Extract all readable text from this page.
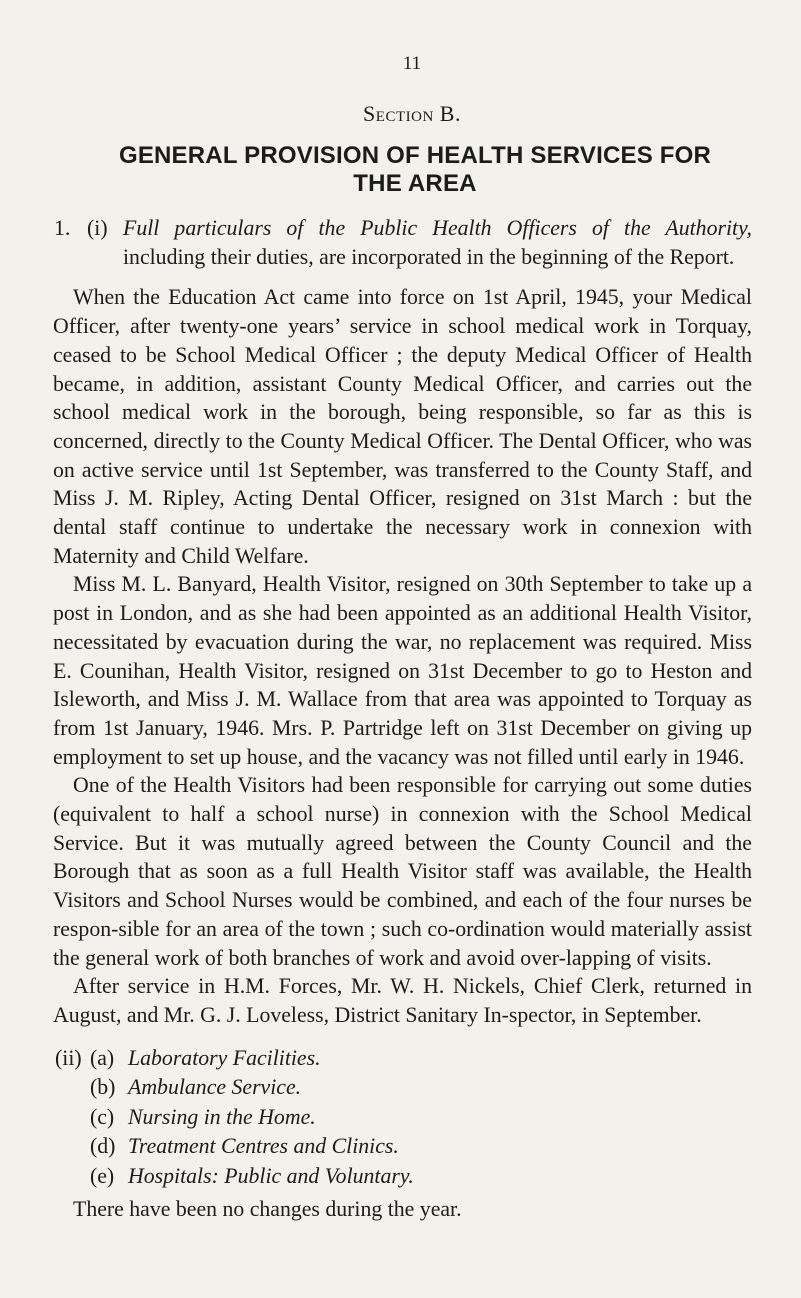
11
Section B.
GENERAL PROVISION OF HEALTH SERVICES FOR
THE AREA
1. (i) Full particulars of the Public Health Officers of the Authority, including their duties, are incorporated in the beginning of the Report.

When the Education Act came into force on 1st April, 1945, your Medical Officer, after twenty-one years’ service in school medical work in Torquay, ceased to be School Medical Officer ; the deputy Medical Officer of Health became, in addition, assistant County Medical Officer, and carries out the school medical work in the borough, being responsible, so far as this is concerned, directly to the County Medical Officer. The Dental Officer, who was on active service until 1st September, was transferred to the County Staff, and Miss J. M. Ripley, Acting Dental Officer, resigned on 31st March : but the dental staff continue to undertake the necessary work in connexion with Maternity and Child Welfare.

Miss M. L. Banyard, Health Visitor, resigned on 30th September to take up a post in London, and as she had been appointed as an additional Health Visitor, necessitated by evacuation during the war, no replacement was required. Miss E. Counihan, Health Visitor, resigned on 31st December to go to Heston and Isleworth, and Miss J. M. Wallace from that area was appointed to Torquay as from 1st January, 1946. Mrs. P. Partridge left on 31st December on giving up employment to set up house, and the vacancy was not filled until early in 1946.

One of the Health Visitors had been responsible for carrying out some duties (equivalent to half a school nurse) in connexion with the School Medical Service. But it was mutually agreed between the County Council and the Borough that as soon as a full Health Visitor staff was available, the Health Visitors and School Nurses would be combined, and each of the four nurses be respon-sible for an area of the town ; such co-ordination would materially assist the general work of both branches of work and avoid over-lapping of visits.

After service in H.M. Forces, Mr. W. H. Nickels, Chief Clerk, returned in August, and Mr. G. J. Loveless, District Sanitary In-spector, in September.

(ii) (a) Laboratory Facilities.
(b) Ambulance Service.
(c) Nursing in the Home.
(d) Treatment Centres and Clinics.
(e) Hospitals: Public and Voluntary.

There have been no changes during the year.
